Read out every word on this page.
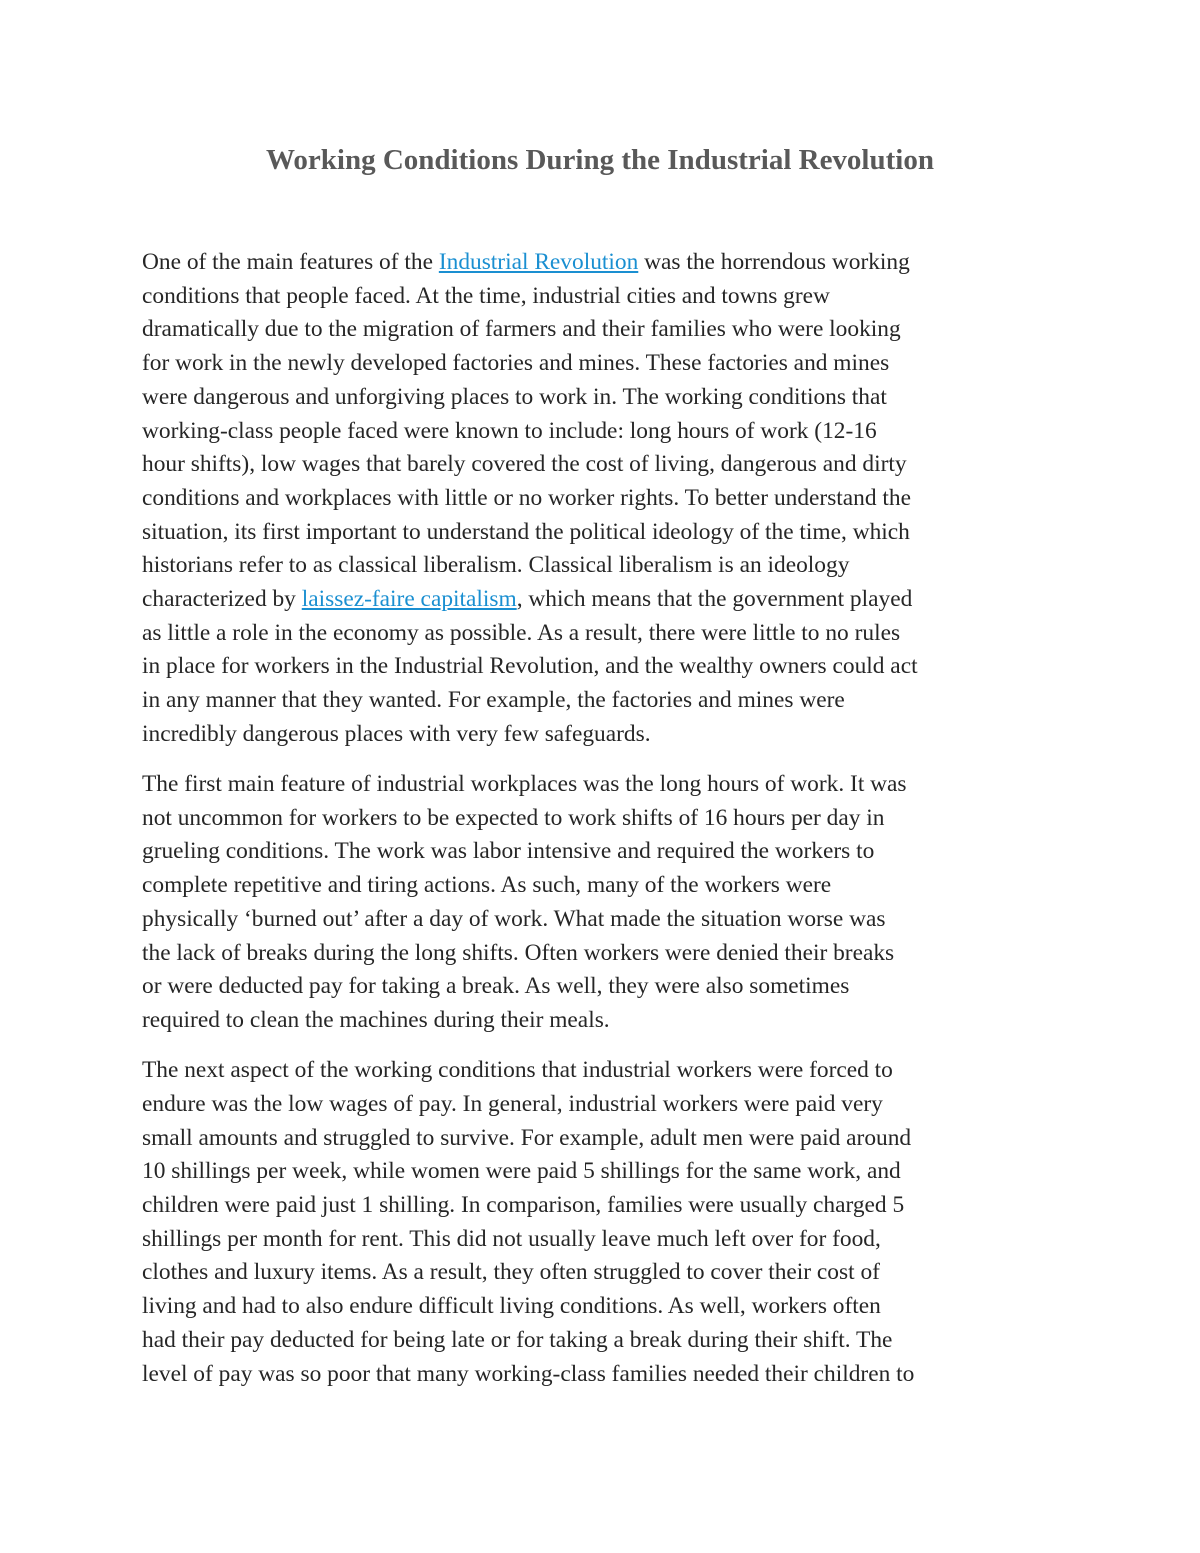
Working Conditions During the Industrial Revolution

One of the main features of the Industrial Revolution was the horrendous working
conditions that people faced. At the time, industrial cities and towns grew
dramatically due to the migration of farmers and their families who were looking
for work in the newly developed factories and mines. These factories and mines
were dangerous and unforgiving places to work in. The working conditions that
working-class people faced were known to include: long hours of work (12-16
hour shifts), low wages that barely covered the cost of living, dangerous and dirty
conditions and workplaces with little or no worker rights. To better understand the
situation, its first important to understand the political ideology of the time, which
historians refer to as classical liberalism. Classical liberalism is an ideology
characterized by laissez-faire capitalism, which means that the government played
as little a role in the economy as possible. As a result, there were little to no rules
in place for workers in the Industrial Revolution, and the wealthy owners could act
in any manner that they wanted. For example, the factories and mines were
incredibly dangerous places with very few safeguards.

The first main feature of industrial workplaces was the long hours of work. It was
not uncommon for workers to be expected to work shifts of 16 hours per day in
grueling conditions. The work was labor intensive and required the workers to
complete repetitive and tiring actions. As such, many of the workers were
physically ‘burned out’ after a day of work. What made the situation worse was
the lack of breaks during the long shifts. Often workers were denied their breaks
or were deducted pay for taking a break. As well, they were also sometimes
required to clean the machines during their meals.

The next aspect of the working conditions that industrial workers were forced to
endure was the low wages of pay. In general, industrial workers were paid very
small amounts and struggled to survive. For example, adult men were paid around
10 shillings per week, while women were paid 5 shillings for the same work, and
children were paid just 1 shilling. In comparison, families were usually charged 5
shillings per month for rent. This did not usually leave much left over for food,
clothes and luxury items. As a result, they often struggled to cover their cost of
living and had to also endure difficult living conditions. As well, workers often
had their pay deducted for being late or for taking a break during their shift. The
level of pay was so poor that many working-class families needed their children to
